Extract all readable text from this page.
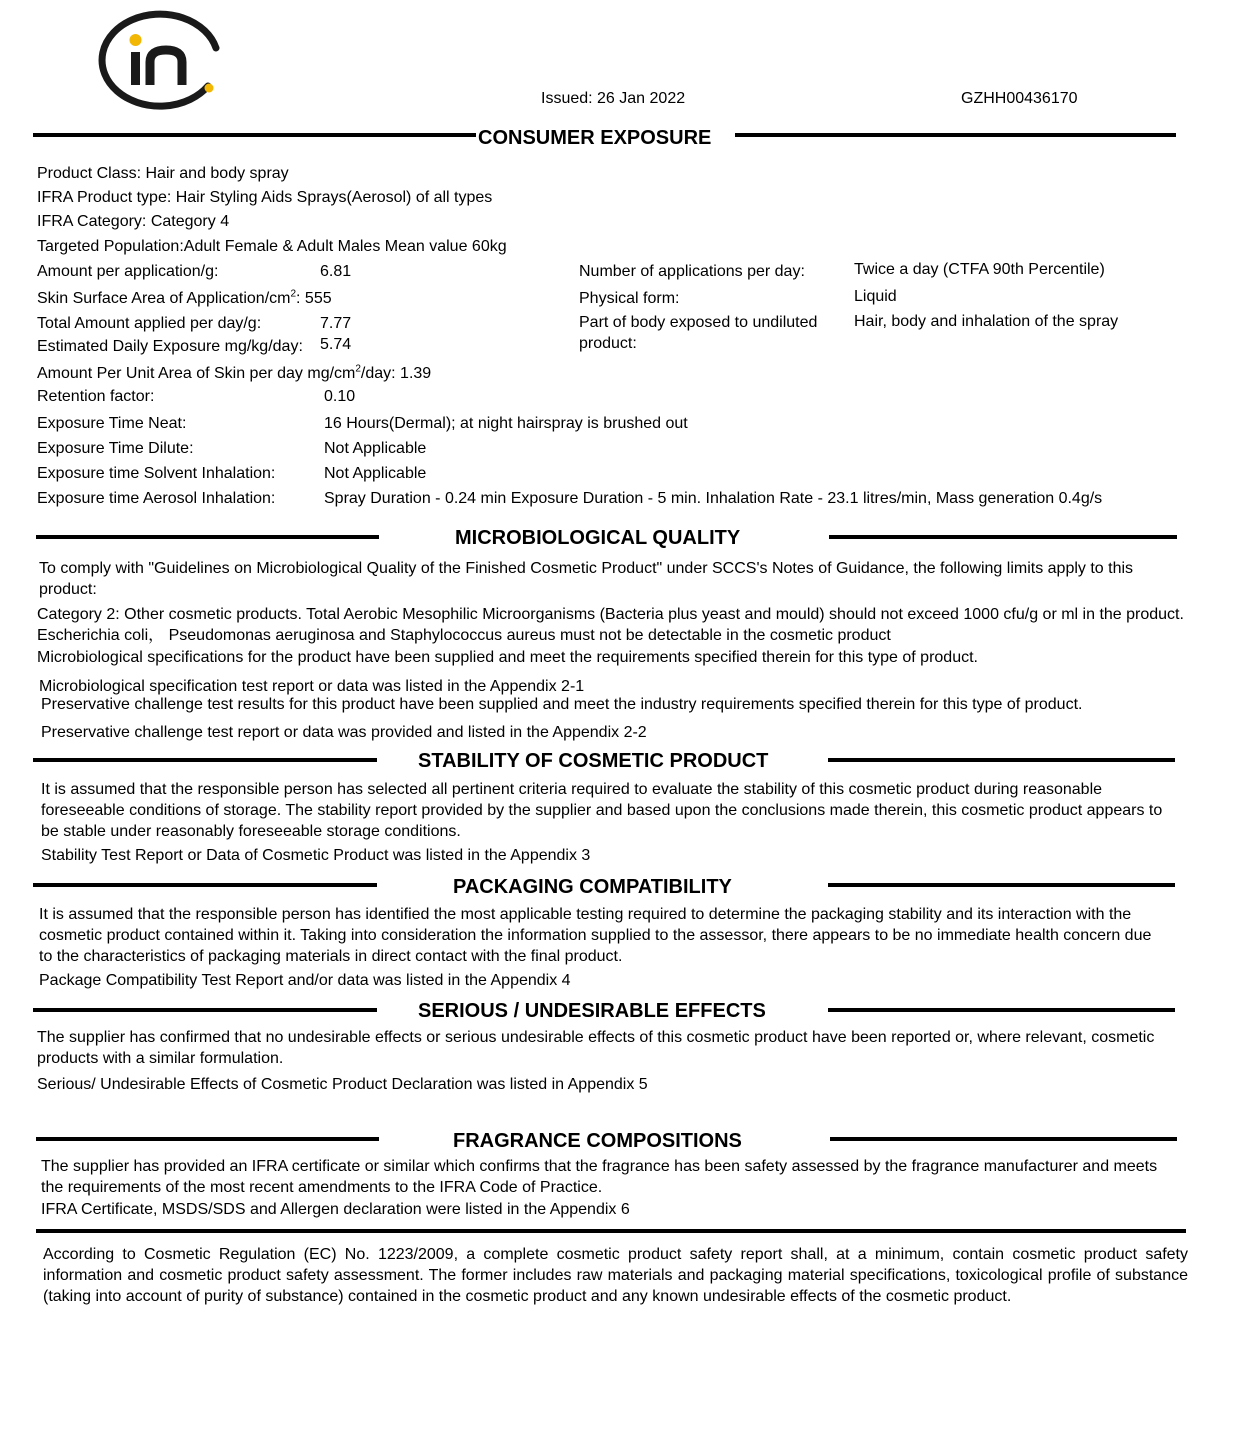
Issued: 26 Jan 2022	GZHH00436170
CONSUMER EXPOSURE
Product Class: Hair and body spray
IFRA Product type: Hair Styling Aids Sprays(Aerosol) of all types
IFRA Category: Category 4
Targeted Population:Adult Female & Adult Males Mean value 60kg
Amount per application/g:	6.81
Skin Surface Area of Application/$cm^2$: 555
Total Amount applied per day/g:	7.77
Estimated Daily Exposure mg/kg/day: 5.74
Amount Per Unit Area of Skin per day $mg/cm^2$/day: 1.39
Retention factor:	0.10
Exposure Time Neat:	16 Hours(Dermal); at night hairspray is brushed out
Exposure Time Dilute:	Not Applicable
Exposure time Solvent Inhalation:	Not Applicable
Exposure time Aerosol Inhalation:	Spray Duration - 0.24 min Exposure Duration - 5 min. Inhalation Rate - 23.1 litres/min, Mass generation 0.4g/s
Number of applications per day:	Twice a day (CTFA 90th Percentile)
Physical form:	Liquid
Part of body exposed to undiluted product:
Hair, body and inhalation of the spray
MICROBIOLOGICAL QUALITY
To comply with "Guidelines on Microbiological Quality of the Finished Cosmetic Product" under SCCS's Notes of Guidance, the following limits apply to this product:
Category 2: Other cosmetic products. Total Aerobic Mesophilic Microorganisms (Bacteria plus yeast and mould) should not exceed 1000 cfu/g or ml in the product. Escherichia coli， Pseudomonas aeruginosa and Staphylococcus aureus must not be detectable in the cosmetic product
Microbiological specifications for the product have been supplied and meet the requirements specified therein for this type of product.
Microbiological specification test report or data was listed in the Appendix 2-1
Preservative challenge test results for this product have been supplied and meet the industry requirements specified therein for this type of product.
Preservative challenge test report or data was provided and listed in the Appendix 2-2
STABILITY OF COSMETIC PRODUCT
It is assumed that the responsible person has selected all pertinent criteria required to evaluate the stability of this cosmetic product during reasonable foreseeable conditions of storage. The stability report provided by the supplier and based upon the conclusions made therein, this cosmetic product appears to be stable under reasonably foreseeable storage conditions.
Stability Test Report or Data of Cosmetic Product was listed in the Appendix 3
PACKAGING COMPATIBILITY
It is assumed that the responsible person has identified the most applicable testing required to determine the packaging stability and its interaction with the cosmetic product contained within it. Taking into consideration the information supplied to the assessor, there appears to be no immediate health concern due to the characteristics of packaging materials in direct contact with the final product.
Package Compatibility Test Report and/or data was listed in the Appendix 4
SERIOUS / UNDESIRABLE EFFECTS
The supplier has confirmed that no undesirable effects or serious undesirable effects of this cosmetic product have been reported or, where relevant, cosmetic products with a similar formulation.
Serious/ Undesirable Effects of Cosmetic Product Declaration was listed in Appendix 5
FRAGRANCE COMPOSITIONS
The supplier has provided an IFRA certificate or similar which confirms that the fragrance has been safety assessed by the fragrance manufacturer and meets the requirements of the most recent amendments to the IFRA Code of Practice.
IFRA Certificate, MSDS/SDS and Allergen declaration were listed in the Appendix 6
According to Cosmetic Regulation (EC) No. 1223/2009, a complete cosmetic product safety report shall, at a minimum, contain cosmetic product safety information and cosmetic product safety assessment. The former includes raw materials and packaging material specifications, toxicological profile of substance (taking into account of purity of substance) contained in the cosmetic product and any known undesirable effects of the cosmetic product.
